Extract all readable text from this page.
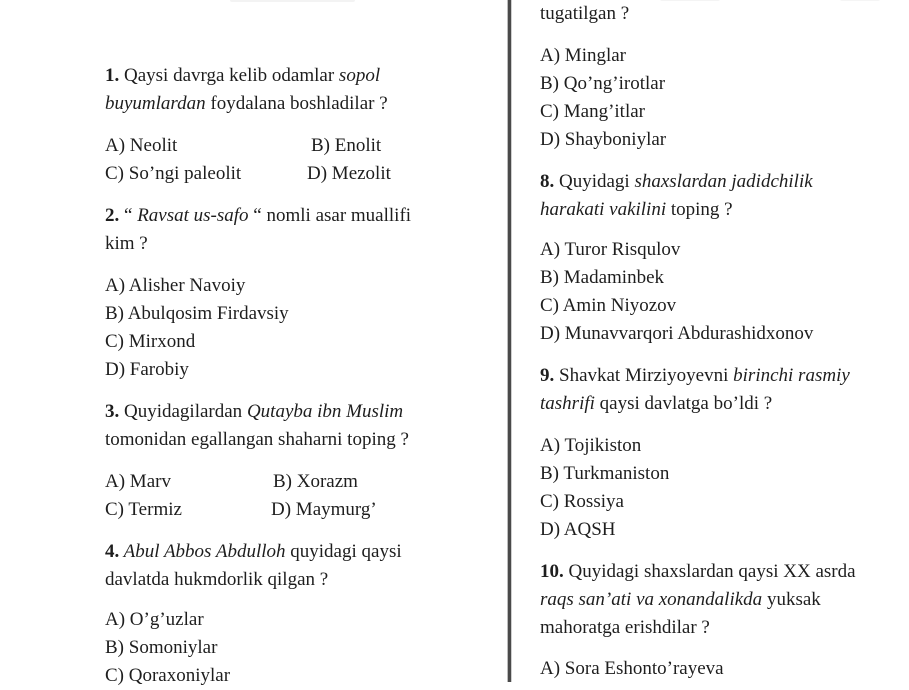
1. Qaysi davrga kelib odamlar sopol
buyumlardan foydalana boshladilar ?
A) Neolit	B) Enolit
C) So’ngi paleolit	D) Mezolit
2. “ Ravsat us-safo “ nomli asar muallifi
kim ?
A) Alisher Navoiy
B) Abulqosim Firdavsiy
C) Mirxond
D) Farobiy
3. Quyidagilardan Qutayba ibn Muslim
tomonidan egallangan shaharni toping ?
A) Marv	B) Xorazm
C) Termiz	D) Maymurg’
4. Abul Abbos Abdulloh quyidagi qaysi
davlatda hukmdorlik qilgan ?
A) O’g’uzlar
B) Somoniylar
C) Qoraxoniylar
tugatilgan ?
A) Minglar
B) Qo’ng’irotlar
C) Mang’itlar
D) Shayboniylar
8. Quyidagi shaxslardan jadidchilik
harakati vakilini toping ?
A) Turor Risqulov
B) Madaminbek
C) Amin Niyozov
D) Munavvarqori Abdurashidxonov
9. Shavkat Mirziyoyevni birinchi rasmiy
tashrifi qaysi davlatga bo’ldi ?
A) Tojikiston
B) Turkmaniston
C) Rossiya
D) AQSH
10. Quyidagi shaxslardan qaysi XX asrda
raqs san’ati va xonandalikda yuksak
mahoratga erishdilar ?
A) Sora Eshonto’rayeva
